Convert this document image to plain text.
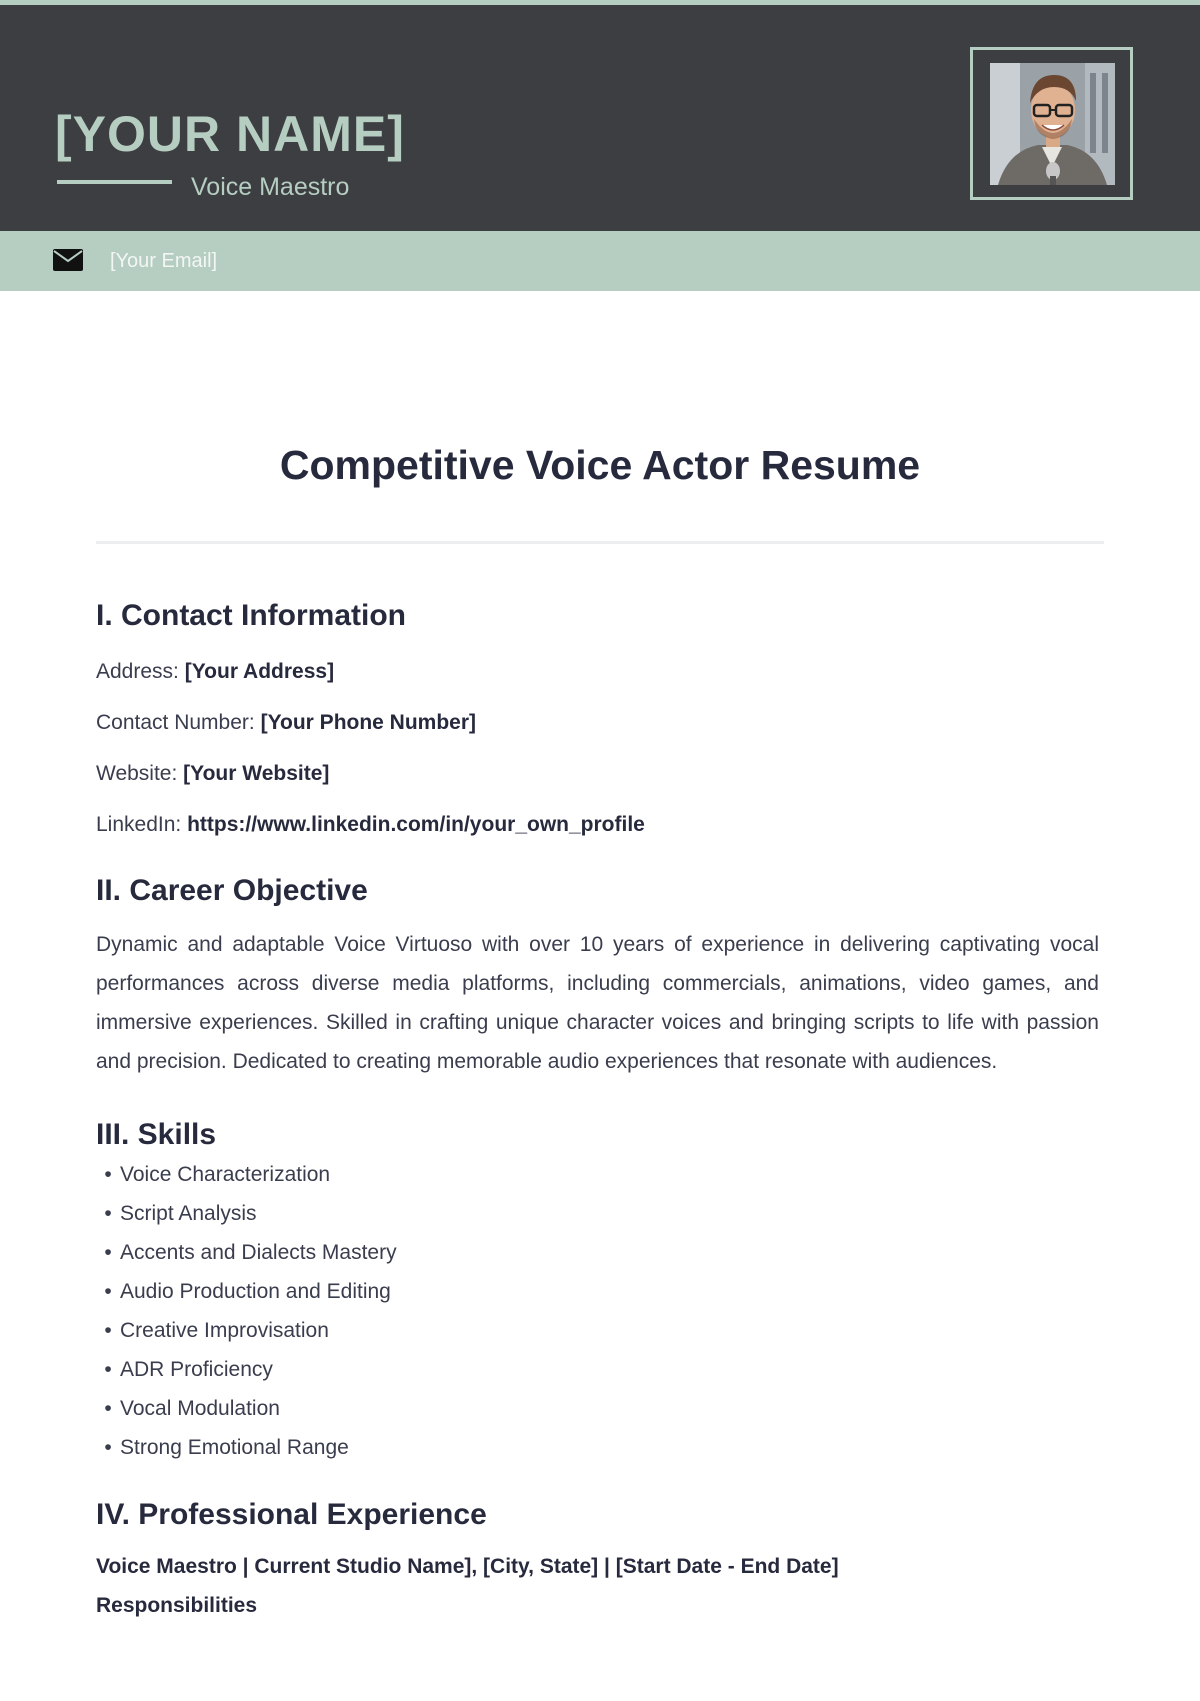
[YOUR NAME]
Voice Maestro
[Your Email]
Competitive Voice Actor Resume
I. Contact Information

Address: [Your Address]

Contact Number: [Your Phone Number]

Website: [Your Website]

LinkedIn: https://www.linkedin.com/in/your_own_profile

II. Career Objective

Dynamic and adaptable Voice Virtuoso with over 10 years of experience in delivering captivating vocal performances across diverse media platforms, including commercials, animations, video games, and immersive experiences. Skilled in crafting unique character voices and bringing scripts to life with passion and precision. Dedicated to creating memorable audio experiences that resonate with audiences.

III. Skills
• Voice Characterization
• Script Analysis
• Accents and Dialects Mastery
• Audio Production and Editing
• Creative Improvisation
• ADR Proficiency
• Vocal Modulation
• Strong Emotional Range
IV. Professional Experience

Voice Maestro | Current Studio Name], [City, State] | [Start Date - End Date]

Responsibilities
